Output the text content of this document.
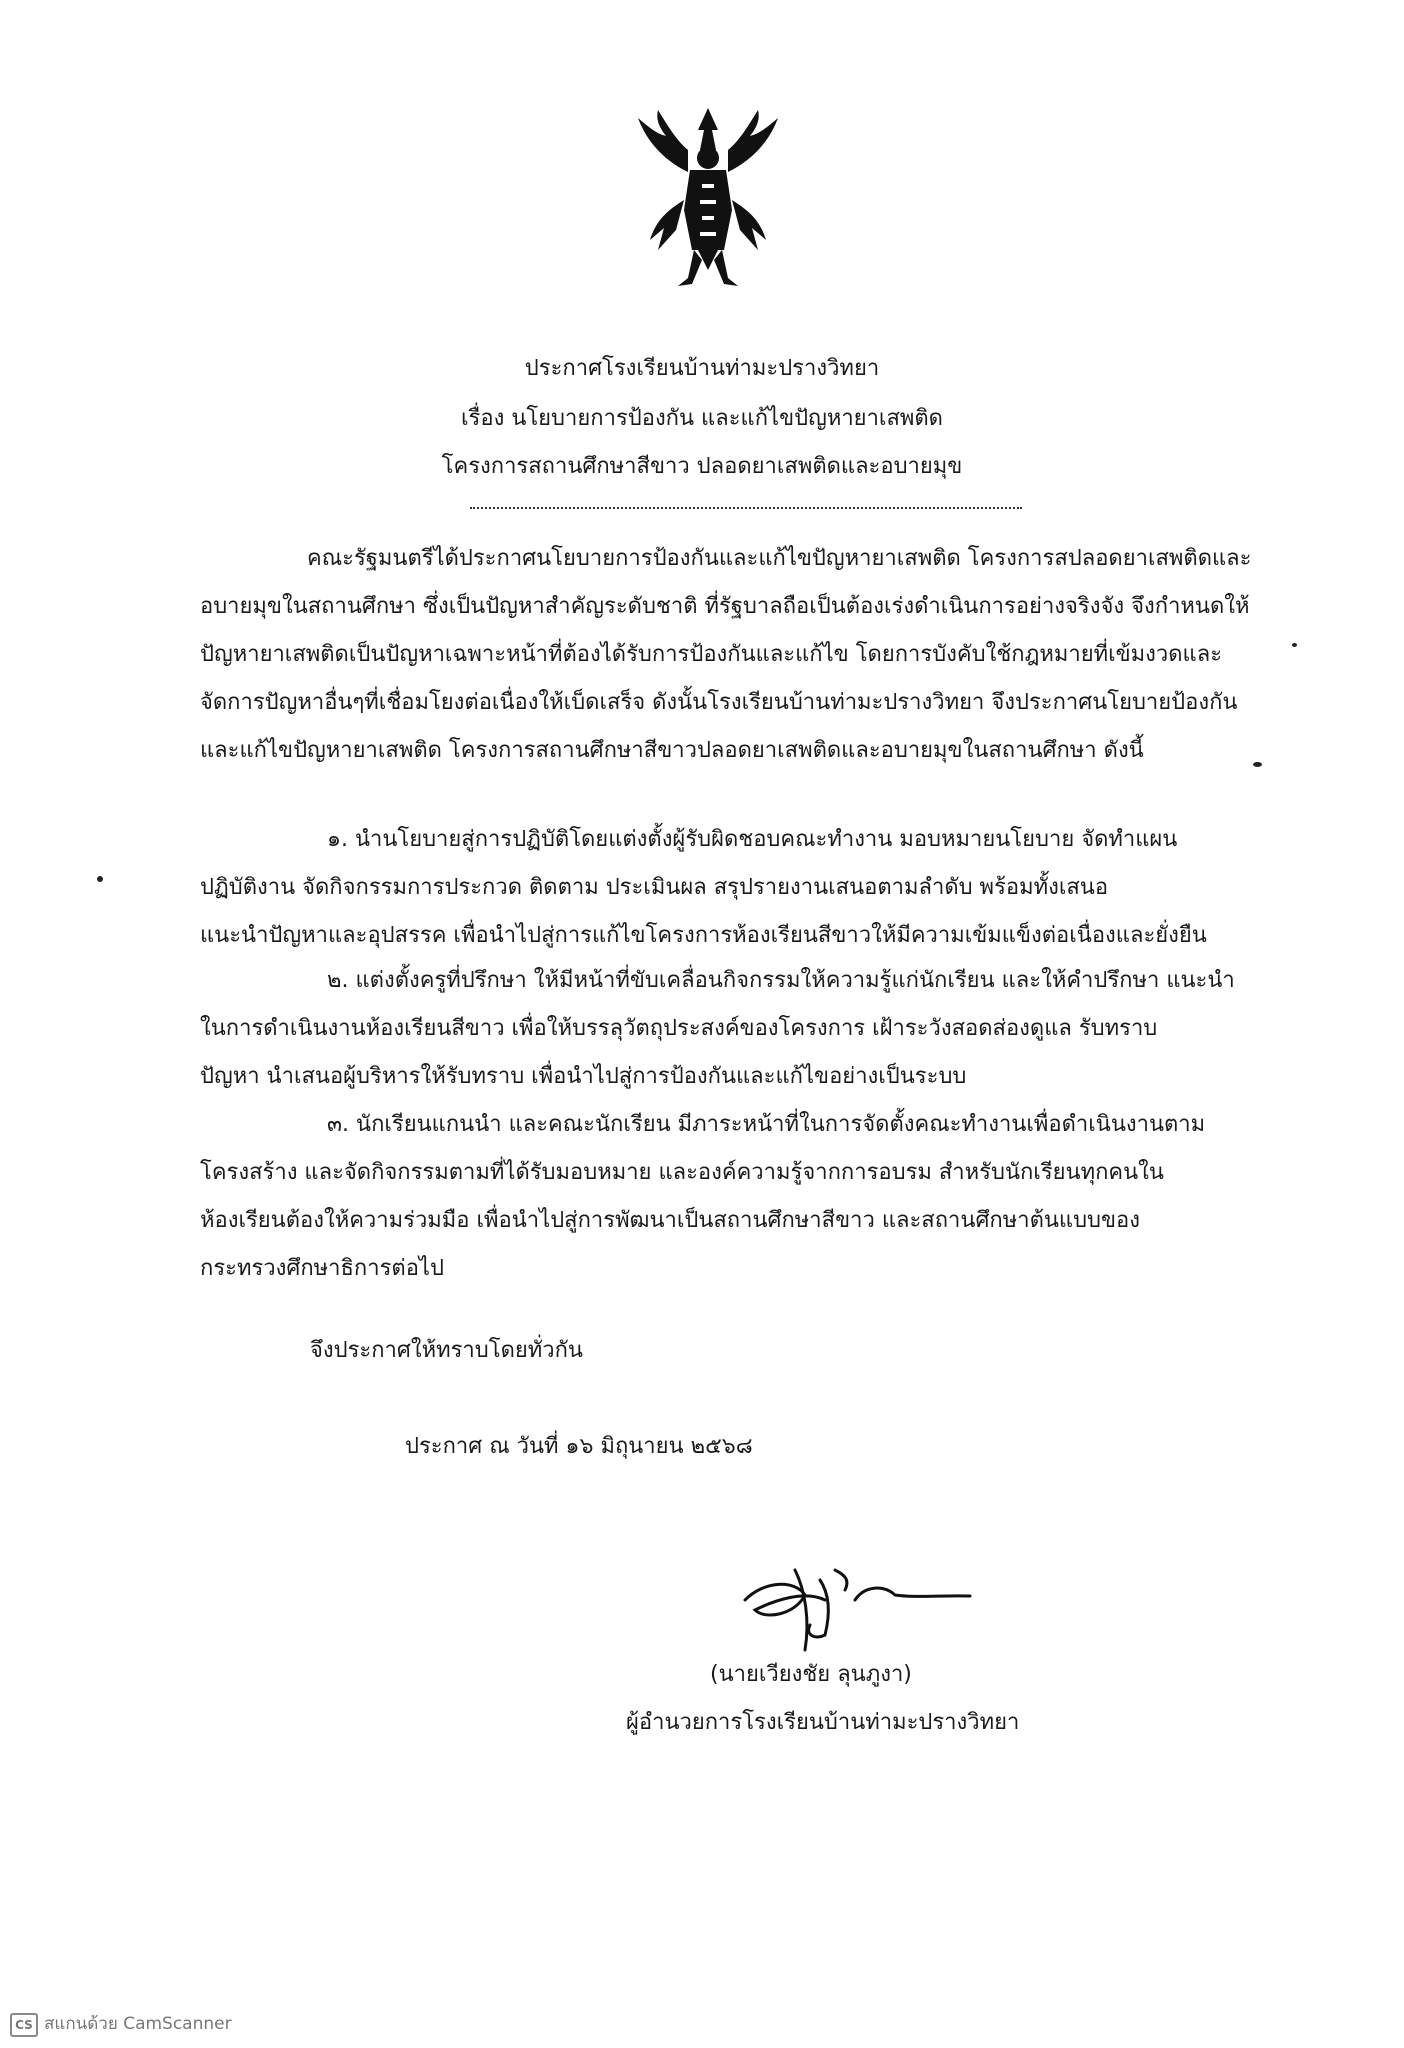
ประกาศโรงเรียนบ้านท่ามะปรางวิทยา
เรื่อง นโยบายการป้องกัน และแก้ไขปัญหายาเสพติด
โครงการสถานศึกษาสีขาว ปลอดยาเสพติดและอบายมุข
คณะรัฐมนตรีได้ประกาศนโยบายการป้องกันและแก้ไขปัญหายาเสพติด โครงการสปลอดยาเสพติดและ
อบายมุขในสถานศึกษา ซึ่งเป็นปัญหาสำคัญระดับชาติ ที่รัฐบาลถือเป็นต้องเร่งดำเนินการอย่างจริงจัง จึงกำหนดให้
ปัญหายาเสพติดเป็นปัญหาเฉพาะหน้าที่ต้องได้รับการป้องกันและแก้ไข โดยการบังคับใช้กฎหมายที่เข้มงวดและ
จัดการปัญหาอื่นๆที่เชื่อมโยงต่อเนื่องให้เบ็ดเสร็จ ดังนั้นโรงเรียนบ้านท่ามะปรางวิทยา จึงประกาศนโยบายป้องกัน
และแก้ไขปัญหายาเสพติด โครงการสถานศึกษาสีขาวปลอดยาเสพติดและอบายมุขในสถานศึกษา ดังนี้
๑. นำนโยบายสู่การปฏิบัติโดยแต่งตั้งผู้รับผิดชอบคณะทำงาน มอบหมายนโยบาย จัดทำแผน
ปฏิบัติงาน จัดกิจกรรมการประกวด ติดตาม ประเมินผล สรุปรายงานเสนอตามลำดับ พร้อมทั้งเสนอ
แนะนำปัญหาและอุปสรรค เพื่อนำไปสู่การแก้ไขโครงการห้องเรียนสีขาวให้มีความเข้มแข็งต่อเนื่องและยั่งยืน
๒. แต่งตั้งครูที่ปรึกษา ให้มีหน้าที่ขับเคลื่อนกิจกรรมให้ความรู้แก่นักเรียน และให้คำปรึกษา แนะนำ
ในการดำเนินงานห้องเรียนสีขาว เพื่อให้บรรลุวัตถุประสงค์ของโครงการ เฝ้าระวังสอดส่องดูแล รับทราบ
ปัญหา นำเสนอผู้บริหารให้รับทราบ เพื่อนำไปสู่การป้องกันและแก้ไขอย่างเป็นระบบ
๓. นักเรียนแกนนำ และคณะนักเรียน มีภาระหน้าที่ในการจัดตั้งคณะทำงานเพื่อดำเนินงานตาม
โครงสร้าง และจัดกิจกรรมตามที่ได้รับมอบหมาย และองค์ความรู้จากการอบรม สำหรับนักเรียนทุกคนใน
ห้องเรียนต้องให้ความร่วมมือ เพื่อนำไปสู่การพัฒนาเป็นสถานศึกษาสีขาว และสถานศึกษาต้นแบบของ
กระทรวงศึกษาธิการต่อไป
จึงประกาศให้ทราบโดยทั่วกัน
ประกาศ ณ วันที่ ๑๖ มิถุนายน ๒๕๖๘
(นายเวียงชัย ลุนภูงา)
ผู้อำนวยการโรงเรียนบ้านท่ามะปรางวิทยา
CS สแกนด้วย CamScanner
